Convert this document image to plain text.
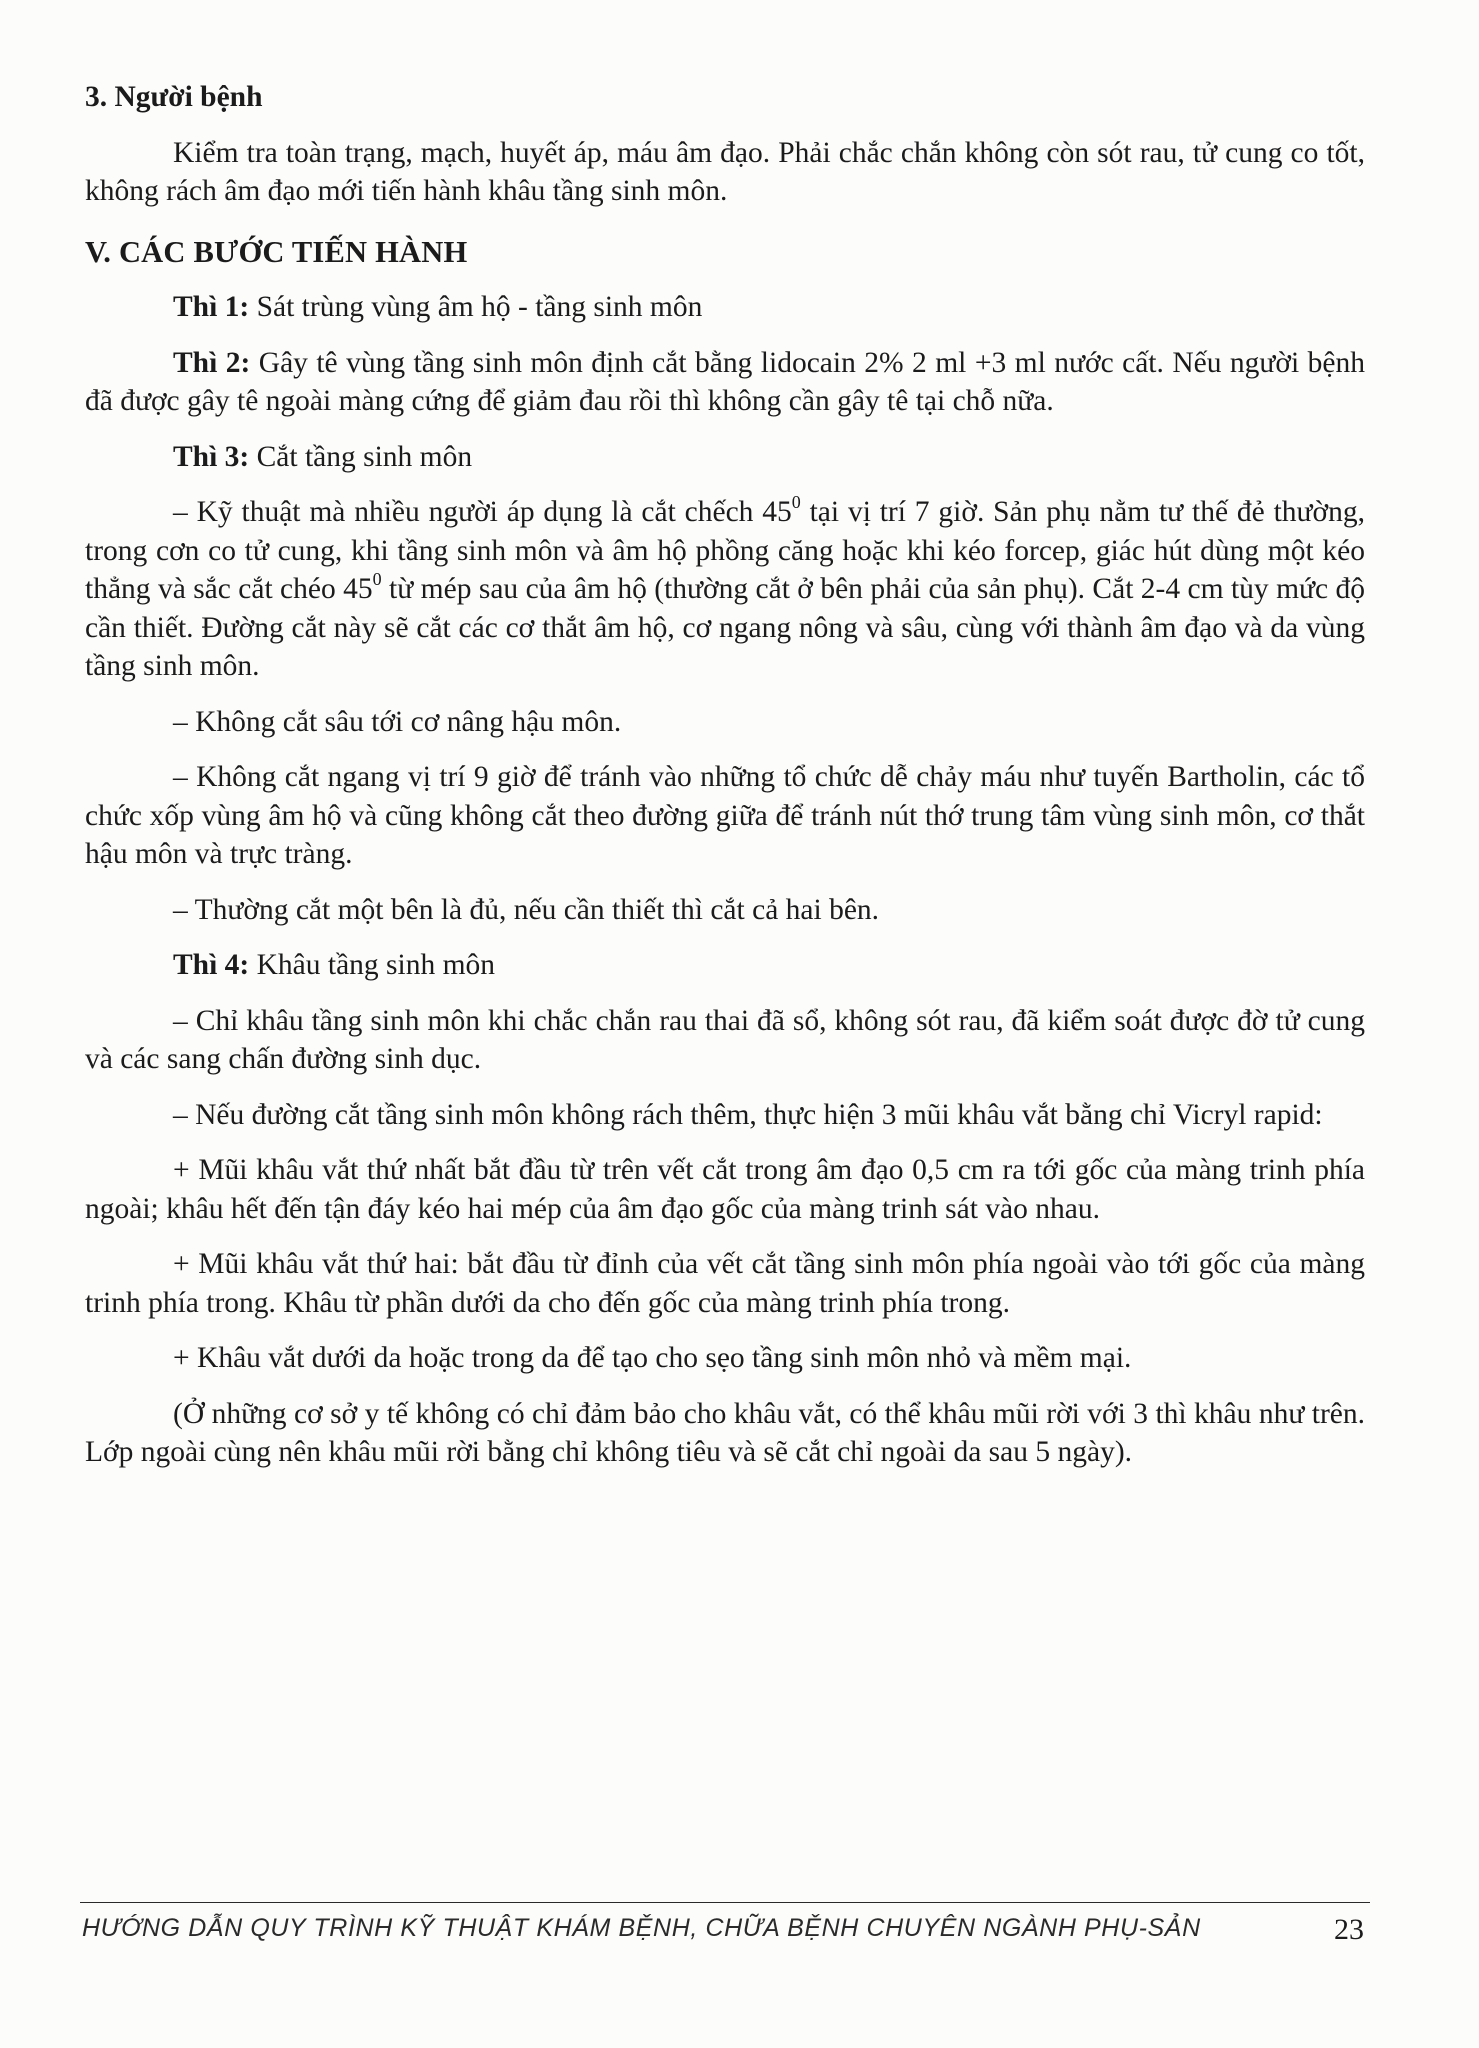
3. Người bệnh

Kiểm tra toàn trạng, mạch, huyết áp, máu âm đạo. Phải chắc chắn không còn sót rau, tử cung co tốt, không rách âm đạo mới tiến hành khâu tầng sinh môn.

V. CÁC BƯỚC TIẾN HÀNH

Thì 1: Sát trùng vùng âm hộ - tầng sinh môn

Thì 2: Gây tê vùng tầng sinh môn định cắt bằng lidocain 2% 2 ml +3 ml nước cất. Nếu người bệnh đã được gây tê ngoài màng cứng để giảm đau rồi thì không cần gây tê tại chỗ nữa.

Thì 3: Cắt tầng sinh môn

– Kỹ thuật mà nhiều người áp dụng là cắt chếch $45^0$ tại vị trí 7 giờ. Sản phụ nằm tư thế đẻ thường, trong cơn co tử cung, khi tầng sinh môn và âm hộ phồng căng hoặc khi kéo forcep, giác hút dùng một kéo thẳng và sắc cắt chéo $45^0$ từ mép sau của âm hộ (thường cắt ở bên phải của sản phụ). Cắt 2-4 cm tùy mức độ cần thiết. Đường cắt này sẽ cắt các cơ thắt âm hộ, cơ ngang nông và sâu, cùng với thành âm đạo và da vùng tầng sinh môn.

– Không cắt sâu tới cơ nâng hậu môn.

– Không cắt ngang vị trí 9 giờ để tránh vào những tổ chức dễ chảy máu như tuyến Bartholin, các tổ chức xốp vùng âm hộ và cũng không cắt theo đường giữa để tránh nút thớ trung tâm vùng sinh môn, cơ thắt hậu môn và trực tràng.

– Thường cắt một bên là đủ, nếu cần thiết thì cắt cả hai bên.

Thì 4: Khâu tầng sinh môn

– Chỉ khâu tầng sinh môn khi chắc chắn rau thai đã sổ, không sót rau, đã kiểm soát được đờ tử cung và các sang chấn đường sinh dục.

– Nếu đường cắt tầng sinh môn không rách thêm, thực hiện 3 mũi khâu vắt bằng chỉ Vicryl rapid:

+ Mũi khâu vắt thứ nhất bắt đầu từ trên vết cắt trong âm đạo 0,5 cm ra tới gốc của màng trinh phía ngoài; khâu hết đến tận đáy kéo hai mép của âm đạo gốc của màng trinh sát vào nhau.

+ Mũi khâu vắt thứ hai: bắt đầu từ đỉnh của vết cắt tầng sinh môn phía ngoài vào tới gốc của màng trinh phía trong. Khâu từ phần dưới da cho đến gốc của màng trinh phía trong.

+ Khâu vắt dưới da hoặc trong da để tạo cho sẹo tầng sinh môn nhỏ và mềm mại.

(Ở những cơ sở y tế không có chỉ đảm bảo cho khâu vắt, có thể khâu mũi rời với 3 thì khâu như trên. Lớp ngoài cùng nên khâu mũi rời bằng chỉ không tiêu và sẽ cắt chỉ ngoài da sau 5 ngày).

HƯỚNG DẪN QUY TRÌNH KỸ THUẬT KHÁM BỆNH, CHỮA BỆNH CHUYÊN NGÀNH PHỤ-SẢN	23
